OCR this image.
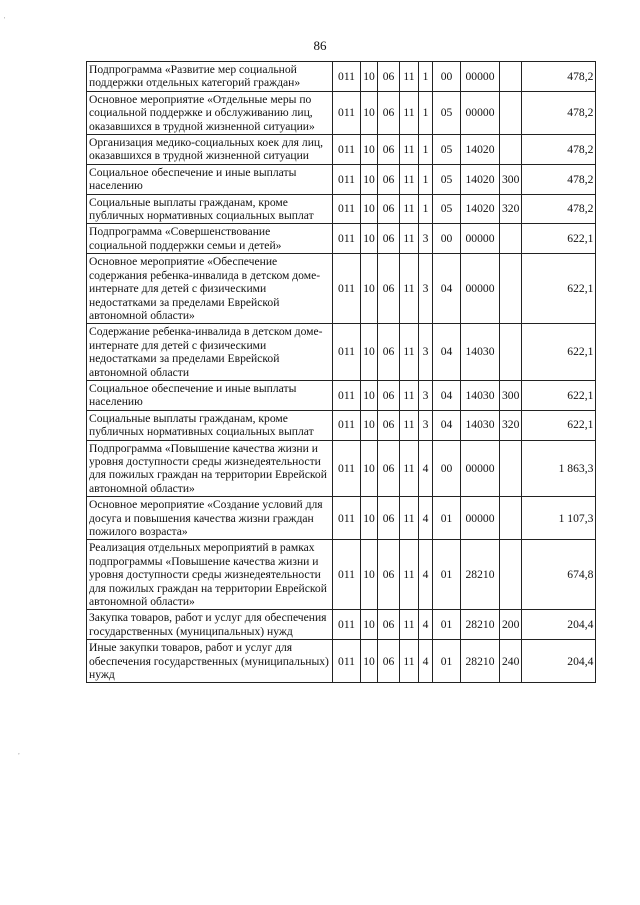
86
Подпрограмма «Развитие мер социальной поддержки отдельных категорий граждан»	011	10	06	11	1	00	00000		478,2
Основное мероприятие «Отдельные меры по социальной поддержке и обслуживанию лиц, оказавшихся в трудной жизненной ситуации»	011	10	06	11	1	05	00000		478,2
Организация медико-социальных коек для лиц, оказавшихся в трудной жизненной ситуации	011	10	06	11	1	05	14020		478,2
Социальное обеспечение и иные выплаты населению	011	10	06	11	1	05	14020	300	478,2
Социальные выплаты гражданам, кроме публичных нормативных социальных выплат	011	10	06	11	1	05	14020	320	478,2
Подпрограмма «Совершенствование социальной поддержки семьи и детей»	011	10	06	11	3	00	00000		622,1
Основное мероприятие «Обеспечение содержания ребенка-инвалида в детском доме-интернате для детей с физическими недостатками за пределами Еврейской автономной области»	011	10	06	11	3	04	00000		622,1
Содержание ребенка-инвалида в детском доме-интернате для детей с физическими недостатками за пределами Еврейской автономной области	011	10	06	11	3	04	14030		622,1
Социальное обеспечение и иные выплаты населению	011	10	06	11	3	04	14030	300	622,1
Социальные выплаты гражданам, кроме публичных нормативных социальных выплат	011	10	06	11	3	04	14030	320	622,1
Подпрограмма «Повышение качества жизни и уровня доступности среды жизнедеятельности для пожилых граждан на территории Еврейской автономной области»	011	10	06	11	4	00	00000		1 863,3
Основное мероприятие «Создание условий для досуга и повышения качества жизни граждан пожилого возраста»	011	10	06	11	4	01	00000		1 107,3
Реализация отдельных мероприятий в рамках подпрограммы «Повышение качества жизни и уровня доступности среды жизнедеятельности для пожилых граждан на территории Еврейской автономной области»	011	10	06	11	4	01	28210		674,8
Закупка товаров, работ и услуг для обеспечения государственных (муниципальных) нужд	011	10	06	11	4	01	28210	200	204,4
Иные закупки товаров, работ и услуг для обеспечения государственных (муниципальных) нужд	011	10	06	11	4	01	28210	240	204,4
'
,
